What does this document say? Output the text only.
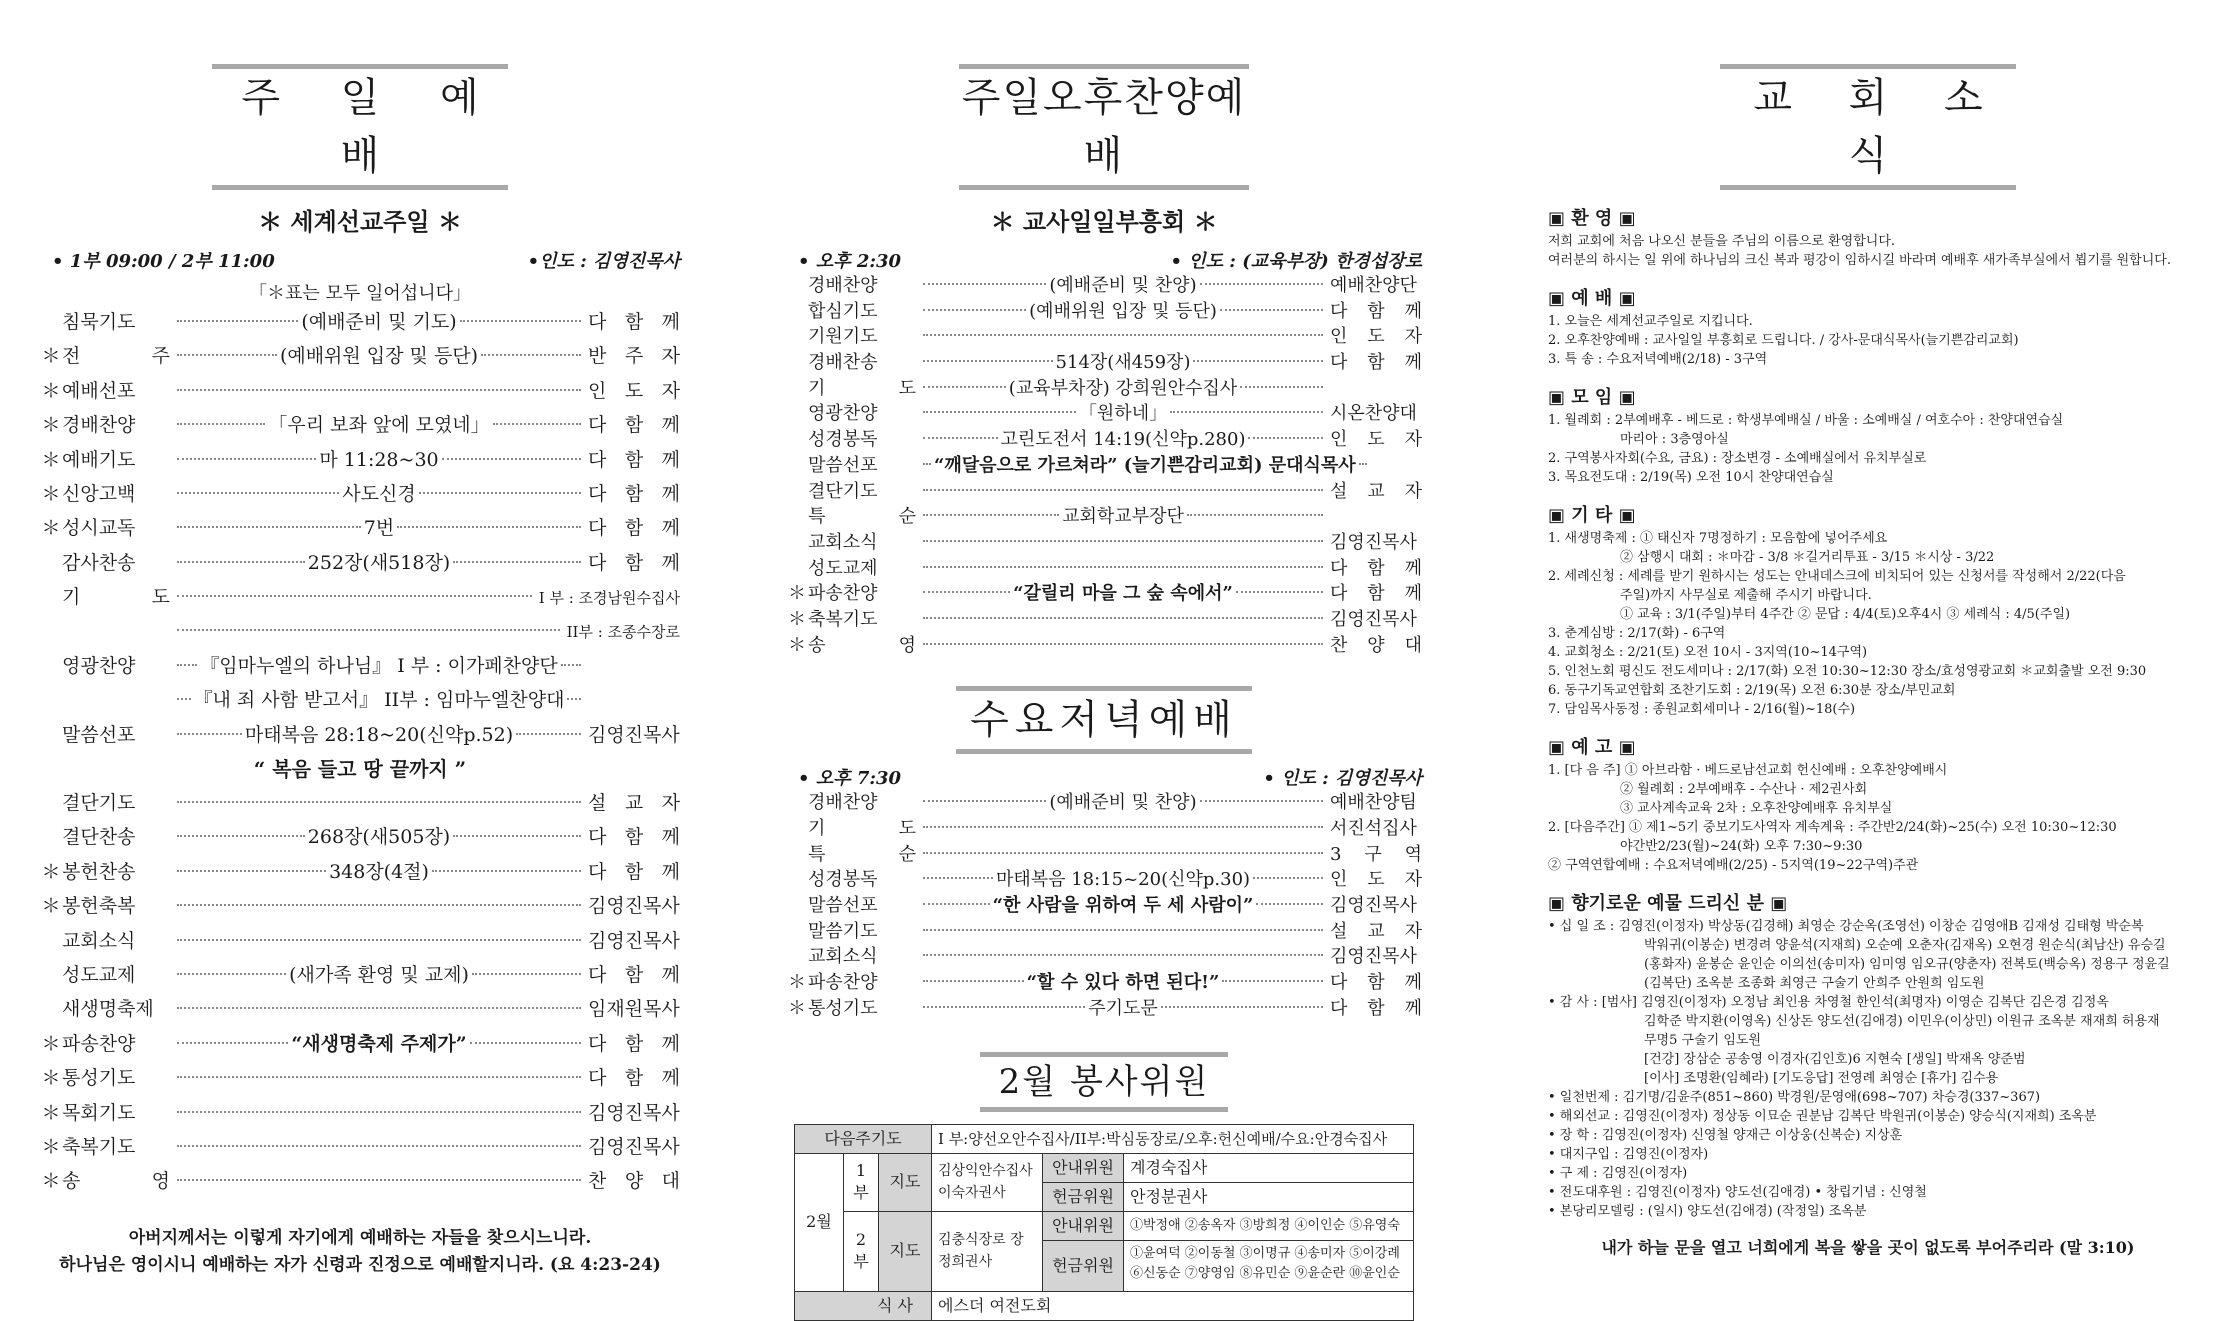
주 일 예 배
＊ 세계선교주일 ＊
• 1부 09:00 / 2부 11:00	•인도 : 김영진목사
「＊표는 모두 일어섭니다」
침묵기도	(예배준비 및 기도)	다 함 께
＊ 전 주	(예배위원 입장 및 등단)	반 주 자
＊ 예배선포	인 도 자
＊ 경배찬양	「우리 보좌 앞에 모였네」	다 함 께
＊ 예배기도	마 11:28~30	다 함 께
＊ 신앙고백	사도신경	다 함 께
＊ 성시교독	7번	다 함 께
감사찬송	252장(새518장)	다 함 께
기 도	I 부 : 조경남원수집사
II부 : 조종수장로
영광찬양	『임마누엘의 하나님』 I 부 : 이가페찬양단
『내 죄 사함 받고서』 II부 : 임마누엘찬양대
말씀선포	마태복음 28:18~20(신약p.52)	김영진목사
“ 복음 들고 땅 끝까지 ”
결단기도	설 교 자
결단찬송	268장(새505장)	다 함 께
＊ 봉헌찬송	348장(4절)	다 함 께
＊ 봉헌축복	김영진목사
교회소식	김영진목사
성도교제	(새가족 환영 및 교제)	다 함 께
새생명축제	임재원목사
＊ 파송찬양	“새생명축제 주제가”	다 함 께
＊ 통성기도	다 함 께
＊ 목회기도	김영진목사
＊ 축복기도	김영진목사
＊ 송 영	찬 양 대
아버지께서는 이렇게 자기에게 예배하는 자들을 찾으시느니라.
하나님은 영이시니 예배하는 자가 신령과 진정으로 예배할지니라. (요 4:23-24)
주일오후찬양예배
＊ 교사일일부흥회 ＊
• 오후 2:30	• 인도 : (교육부장) 한경섭장로
경배찬양	(예배준비 및 찬양)	예배찬양단
합심기도	(예배위원 입장 및 등단)	다 함 께
기원기도	인 도 자
경배찬송	514장(새459장)	다 함 께
기 도	(교육부차장) 강희원안수집사
영광찬양	「원하네」	시온찬양대
성경봉독	고린도전서 14:19(신약p.280)	인 도 자
말씀선포	“깨달음으로 가르쳐라” (늘기쁜감리교회) 문대식목사
결단기도	설 교 자
특 순	교회학교부장단
교회소식	김영진목사
성도교제	다 함 께
＊ 파송찬양	“갈릴리 마을 그 숲 속에서”	다 함 께
＊ 축복기도	김영진목사
＊ 송 영	찬 양 대
수요저녁예배
• 오후 7:30	• 인도 : 김영진목사
경배찬양	(예배준비 및 찬양)	예배찬양팀
기 도	서진석집사
특 순	3 구 역
성경봉독	마태복음 18:15~20(신약p.30)	인 도 자
말씀선포	“한 사람을 위하여 두 세 사람이”	김영진목사
말씀기도	설 교 자
교회소식	김영진목사
＊ 파송찬양	“할 수 있다 하면 된다!”	다 함 께
＊ 통성기도	주기도문	다 함 께
2월 봉사위원
다음주기도			I 부:양선오안수집사/II부:박심동장로/오후:헌신예배/수요:안경숙집사	
2월	1부	지도	김상익안수집사 이숙자권사	안내위원 계경숙집사

				헌금위원 안정분권사

	2부	지도	김충식장로 장정희권사	안내위원 ①박정애 ②송옥자 ③방희정 ④이인순 ⑤유영숙

				헌금위원
①윤여덕 ②이동철 ③이명규 ④송미자 ⑤이강례
⑥신동순 ⑦양영임 ⑧유민순 ⑨윤순란 ⑩윤인순

식 사			에스더 여전도회	
교 회 소 식
▣ 환 영 ▣

저희 교회에 처음 나오신 분들을 주님의 이름으로 환영합니다.

여러분의 하시는 일 위에 하나님의 크신 복과 평강이 임하시길 바라며 예배후 새가족부실에서 뵙기를 원합니다.

▣ 예 배 ▣

1. 오늘은 세계선교주일로 지킵니다.

2. 오후찬양예배 : 교사일일 부흥회로 드립니다. / 강사-문대식목사(늘기쁜감리교회)

3. 특 송 : 수요저녁예배(2/18) - 3구역

▣ 모 임 ▣

1. 월례회 : 2부예배후 - 베드로 : 학생부예배실 / 바울 : 소예배실 / 여호수아 : 찬양대연습실

마리아 : 3층영아실

2. 구역봉사자회(수요, 금요) : 장소변경 - 소예배실에서 유치부실로

3. 목요전도대 : 2/19(목) 오전 10시 찬양대연습실

▣ 기 타 ▣

1. 새생명축제 : ① 태신자 7명정하기 : 모음함에 넣어주세요

② 삼행시 대회 : ＊마감 - 3/8 ＊길거리투표 - 3/15 ＊시상 - 3/22

2. 세례신청 : 세례를 받기 원하시는 성도는 안내데스크에 비치되어 있는 신청서를 작성해서 2/22(다음

주일)까지 사무실로 제출해 주시기 바랍니다.

① 교육 : 3/1(주일)부터 4주간 ② 문답 : 4/4(토)오후4시 ③ 세례식 : 4/5(주일)

3. 춘계심방 : 2/17(화) - 6구역

4. 교회청소 : 2/21(토) 오전 10시 - 3지역(10~14구역)

5. 인천노회 평신도 전도세미나 : 2/17(화) 오전 10:30~12:30 장소/효성영광교회 ＊교회출발 오전 9:30

6. 동구기독교연합회 조찬기도회 : 2/19(목) 오전 6:30분 장소/부민교회

7. 담임목사동정 : 종원교회세미나 - 2/16(월)~18(수)

▣ 예 고 ▣

1. [다 음 주] ① 아브라함 · 베드로남선교회 헌신예배 : 오후찬양예배시

② 월례회 : 2부예배후 - 수산나 · 제2권사회

③ 교사계속교육 2차 : 오후찬양예배후 유치부실

2. [다음주간] ① 제1~5기 중보기도사역자 계속계육 : 주간반2/24(화)~25(수) 오전 10:30~12:30

야간반2/23(월)~24(화) 오후 7:30~9:30

② 구역연합예배 : 수요저녁예배(2/25) - 5지역(19~22구역)주관

▣ 향기로운 예물 드리신 분 ▣

• 십 일 조 : 김영진(이정자) 박상동(김경해) 최영순 강순옥(조영선) 이창순 김영애B 김재성 김태형 박순복

박워귀(이봉순) 변경려 양윤석(지재희) 오순예 오춘자(김재옥) 오현경 원순식(최남산) 유승길

(홍화자) 윤봉순 윤인순 이의선(송미자) 임미영 임오규(양춘자) 전복토(백승옥) 정용구 정윤길

(김복단) 조옥분 조종화 최영근 구술기 안희주 안원희 임도원

• 감 사 : [범사] 김영진(이정자) 오정남 최인용 차영철 한인석(최명자) 이영순 김복단 김은경 김정옥

김학준 박지환(이영옥) 신상돈 양도선(김애경) 이민우(이상민) 이원규 조옥분 재재희 허용재

무명5 구술기 임도원

[건강] 장삼순 공송영 이경자(김인호)6 지현숙 [생일] 박재옥 양준범

[이사] 조명환(임혜라) [기도응답] 전영례 최영순 [휴가] 김수용

• 일천번제 : 김기명/김윤주(851~860) 박경원/문영애(698~707) 차승경(337~367)

• 해외선교 : 김영진(이정자) 정상동 이묘순 권분남 김복단 박원귀(이봉순) 양승식(지재희) 조옥분

• 장 학 : 김영진(이정자) 신영철 양재근 이상웅(신복순) 지상훈

• 대지구입 : 김영진(이정자)

• 구 제 : 김영진(이정자)

• 전도대후원 : 김영진(이정자) 양도선(김애경) • 창립기념 : 신영철

• 본당리모델링 : (일시) 양도선(김애경) (작정일) 조옥분

내가 하늘 문을 열고 너희에게 복을 쌓을 곳이 없도록 부어주리라 (말 3:10)
